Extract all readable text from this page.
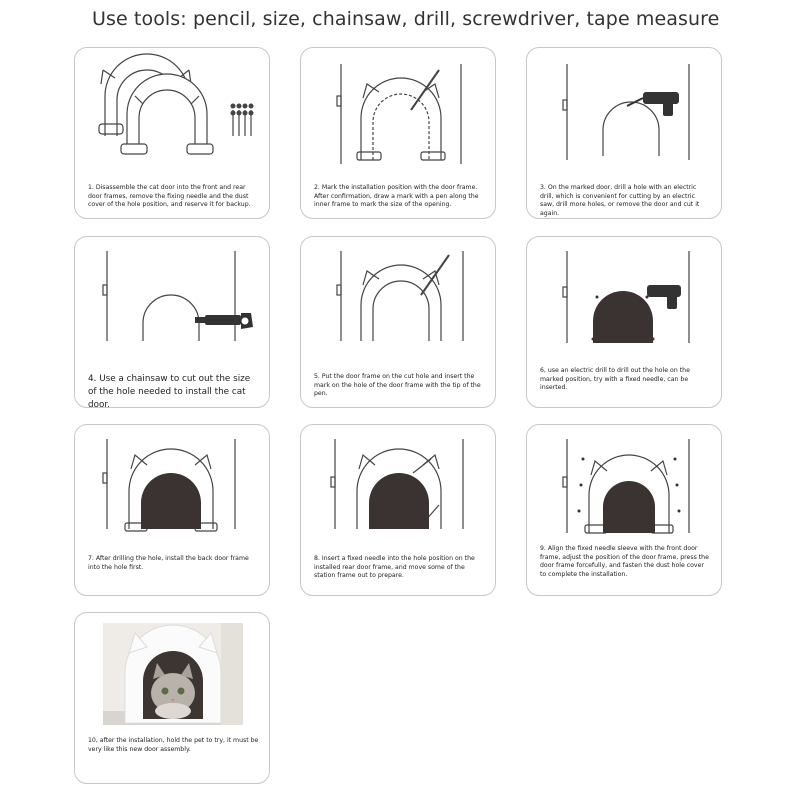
Use tools: pencil, size, chainsaw, drill, screwdriver, tape measure
1. Disassemble the cat door into the front and rear door frames, remove the fixing needle and the dust cover of the hole position, and reserve it for backup.
2. Mark the installation position with the door frame. After confirmation, draw a mark with a pen along the inner frame to mark the size of the opening.
3. On the marked door, drill a hole with an electric drill, which is convenient for cutting by an electric saw, drill more holes, or remove the door and cut it again.
4. Use a chainsaw to cut out the size of the hole needed to install the cat door.
5. Put the door frame on the cut hole and insert the mark on the hole of the door frame with the tip of the pen.
6, use an electric drill to drill out the hole on the marked position, try with a fixed needle, can be inserted.
7. After drilling the hole, install the back door frame into the hole first.
8. Insert a fixed needle into the hole position on the installed rear door frame, and move some of the station frame out to prepare.
9. Align the fixed needle sleeve with the front door frame, adjust the position of the door frame, press the door frame forcefully, and fasten the dust hole cover to complete the installation.
10, after the installation, hold the pet to try, it must be very like this new door assembly.
